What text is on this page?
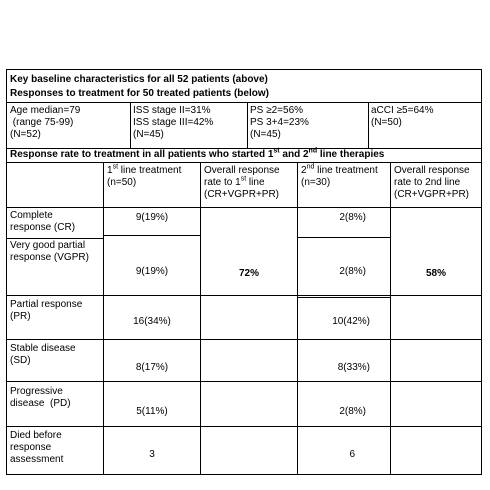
Key baseline characteristics for all 52 patients (above)
Responses to treatment for 50 treated patients (below)
Age median=79
(range 75-99)
(N=52)
ISS stage II=31%
ISS stage III=42%
(N=45)
PS ≥2=56%
PS 3+4=23%
(N=45)
aCCI ≥5=64%
(N=50)
Response rate to treatment in all patients who started 1st and 2nd line therapies
1st line treatment
(n=50)
Overall response
rate to 1st line
(CR+VGPR+PR)
2nd line treatment
(n=30)
Overall response
rate to 2nd line
(CR+VGPR+PR)
Complete
response (CR)
Very good partial
response (VGPR)
Partial response
(PR)
Stable disease
(SD)
Progressive
disease  (PD)
Died before
response
assessment
9(19%)
9(19%)
16(34%)
8(17%)
5(11%)
3
72%
2(8%)
2(8%)
10(42%)
8(33%)
2(8%)
6
58%
